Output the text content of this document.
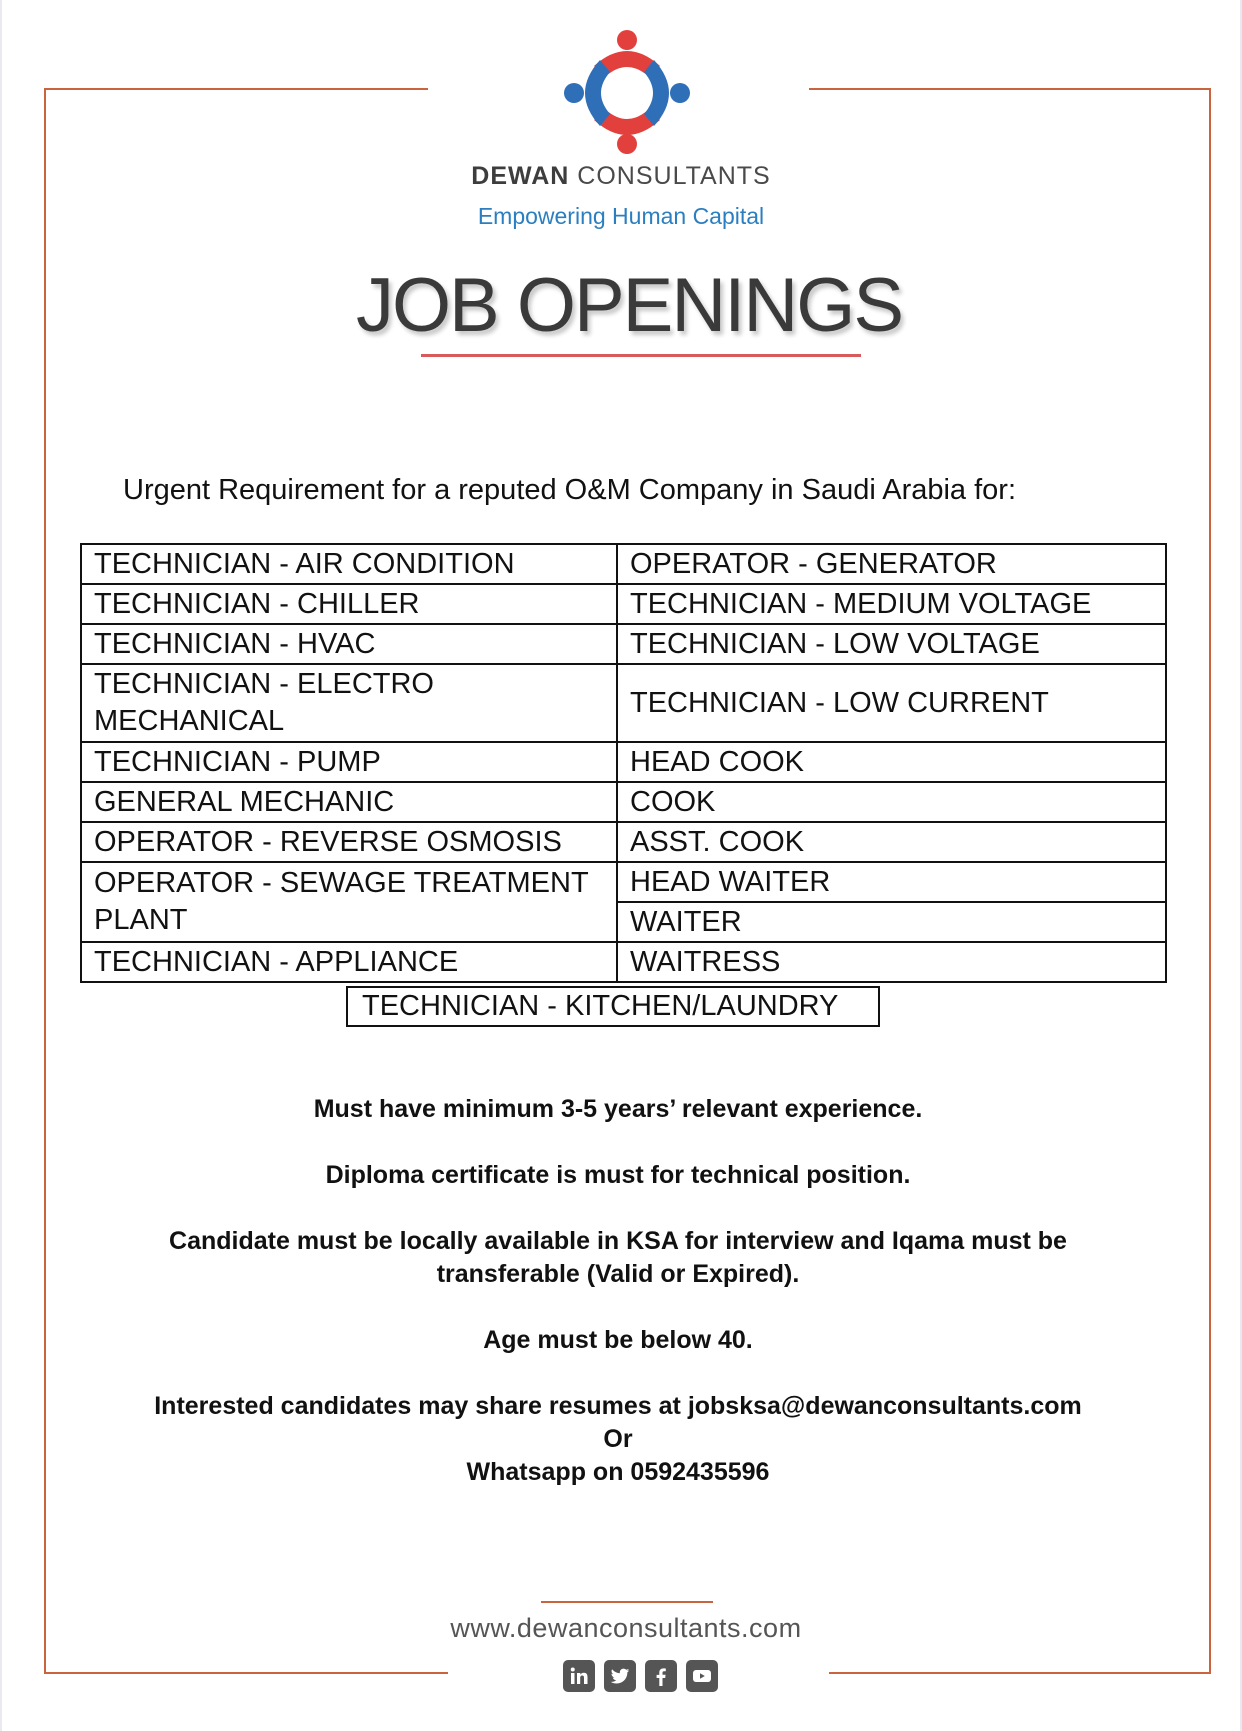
DEWAN CONSULTANTS
Empowering Human Capital
JOB OPENINGS
Urgent Requirement for a reputed O&M Company in Saudi Arabia for:
TECHNICIAN - AIR CONDITION	OPERATOR - GENERATOR
TECHNICIAN - CHILLER	TECHNICIAN - MEDIUM VOLTAGE
TECHNICIAN - HVAC	TECHNICIAN - LOW VOLTAGE
TECHNICIAN - ELECTRO MECHANICAL	TECHNICIAN - LOW CURRENT
TECHNICIAN - PUMP	HEAD COOK
GENERAL MECHANIC	COOK
OPERATOR - REVERSE OSMOSIS	ASST. COOK
OPERATOR - SEWAGE TREATMENT PLANT	HEAD WAITER
	WAITER
TECHNICIAN - APPLIANCE	WAITRESS
TECHNICIAN - KITCHEN/LAUNDRY
Must have minimum 3-5 years’ relevant experience.
Diploma certificate is must for technical position.
Candidate must be locally available in KSA for interview and Iqama must be
transferable (Valid or Expired).
Age must be below 40.
Interested candidates may share resumes at jobsksa@dewanconsultants.com
Or
Whatsapp on 0592435596
www.dewanconsultants.com
